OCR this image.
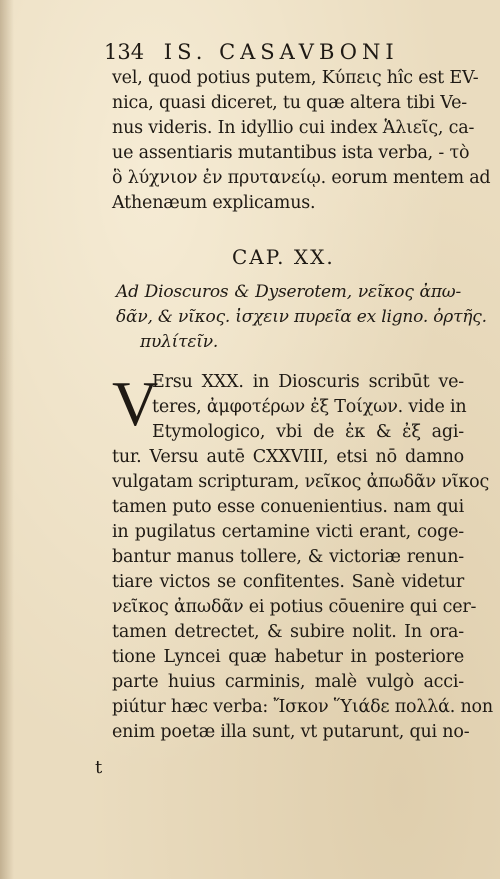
134 IS. CASAVBONI
vel, quod potius putem, Κύπεις hîc est EV-
nica, quasi diceret, tu quæ altera tibi Ve-
nus videris. In idyllio cui index Ἁλιεῖς, ca-
ue assentiaris mutantibus ista verba, - τὸ
ὃ λύχνιον ἐν πρυτανείῳ. eorum mentem ad
Athenæum explicamus.
CAP. XX.
Ad Dioscuros & Dyserotem, νεῖκος ἀπω-
δᾶν, & νῖκος. ἰσχειν πυρεῖα ex ligno. ὀρτῆς.
πυλίτεῖν.
V
Ersu XXX. in Dioscuris scribūt ve-
teres, ἀμφοτέρων ἐξ Τοίχων. vide in
Etymologico, vbi de ἐκ & ἐξ agi-
tur. Versu autē CXXVIII, etsi nō damno
vulgatam scripturam, νεῖκος ἀπωδᾶν νῖκος
tamen puto esse conuenientius. nam qui
in pugilatus certamine victi erant, coge-
bantur manus tollere, & victoriæ renun-
tiare victos se confitentes. Sanè videtur
νεῖκος ἀπωδᾶν ei potius cōuenire qui cer-
tamen detrectet, & subire nolit. In ora-
tione Lyncei quæ habetur in posteriore
parte huius carminis, malè vulgò acci-
piútur hæc verba: Ἴσκον Ὕιάδε πολλά. non
enim poetæ illa sunt, vt putarunt, qui no-
t
